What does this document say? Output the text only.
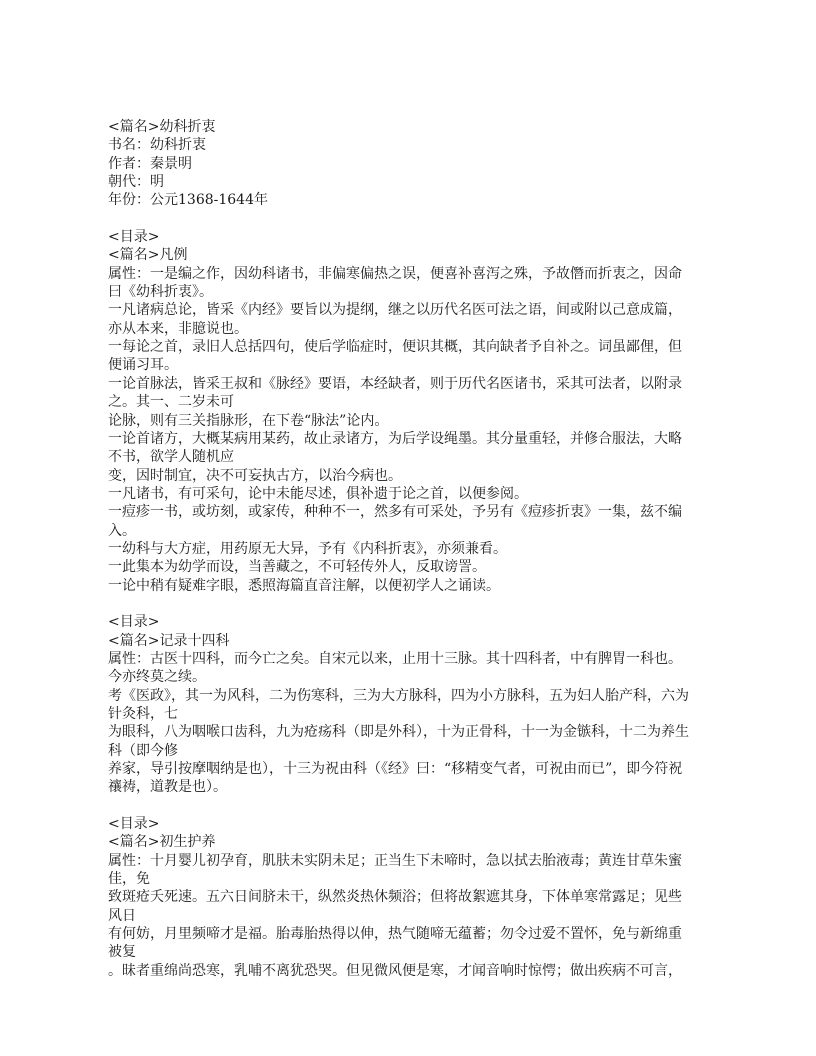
<篇名>幼科折衷
书名：幼科折衷
作者：秦景明
朝代：明
年份：公元1368-1644年
<目录>
<篇名>凡例
属性：一是编之作，因幼科诸书，非偏寒偏热之误，便喜补喜泻之殊，予故僭而折衷之，因命
曰《幼科折衷》。
一凡诸病总论，皆采《内经》要旨以为提纲，继之以历代名医可法之语，间或附以己意成篇，
亦从本来，非臆说也。
一每论之首，录旧人总括四句，使后学临症时，便识其概，其向缺者予自补之。词虽鄙俚，但
便诵习耳。
一论首脉法，皆采王叔和《脉经》要语，本经缺者，则于历代名医诸书，采其可法者，以附录
之。其一、二岁未可
论脉，则有三关指脉形，在下卷“脉法”论内。
一论首诸方，大概某病用某药，故止录诸方，为后学设绳墨。其分量重轻，并修合服法，大略
不书，欲学人随机应
变，因时制宜，决不可妄执古方，以治今病也。
一凡诸书，有可采句，论中未能尽述，俱补遗于论之首，以便参阅。
一痘疹一书，或坊刻，或家传，种种不一，然多有可采处，予另有《痘疹折衷》一集，兹不编
入。
一幼科与大方症，用药原无大异，予有《内科折衷》，亦须兼看。
一此集本为幼学而设，当善藏之，不可轻传外人，反取谤詈。
一论中稍有疑难字眼，悉照海篇直音注解，以便初学人之诵读。
<目录>
<篇名>记录十四科
属性：古医十四科，而今亡之矣。自宋元以来，止用十三脉。其十四科者，中有脾胃一科也。
今亦终莫之续。
考《医政》，其一为风科，二为伤寒科，三为大方脉科，四为小方脉科，五为妇人胎产科，六为
针灸科，七
为眼科，八为咽喉口齿科，九为疮疡科（即是外科），十为正骨科，十一为金镞科，十二为养生
科（即今修
养家，导引按摩咽纳是也），十三为祝由科（《经》曰：“移精变气者，可祝由而已”，即今符祝
禳祷，道教是也）。
<目录>
<篇名>初生护养
属性：十月婴儿初孕育，肌肤未实阴未足；正当生下未啼时，急以拭去胎液毒；黄连甘草朱蜜
佳，免
致斑疮夭死速。五六日间脐未干，纵然炎热休频浴；但将故絮遮其身，下体单寒常露足；见些
风日
有何妨，月里频啼才是福。胎毒胎热得以伸，热气随啼无蕴蓄；勿令过爱不置怀，免与新绵重
被复
。昧者重绵尚恐寒，乳哺不离犹恐哭。但见微风便是寒，才闻音响时惊愕；做出疾病不可言，
